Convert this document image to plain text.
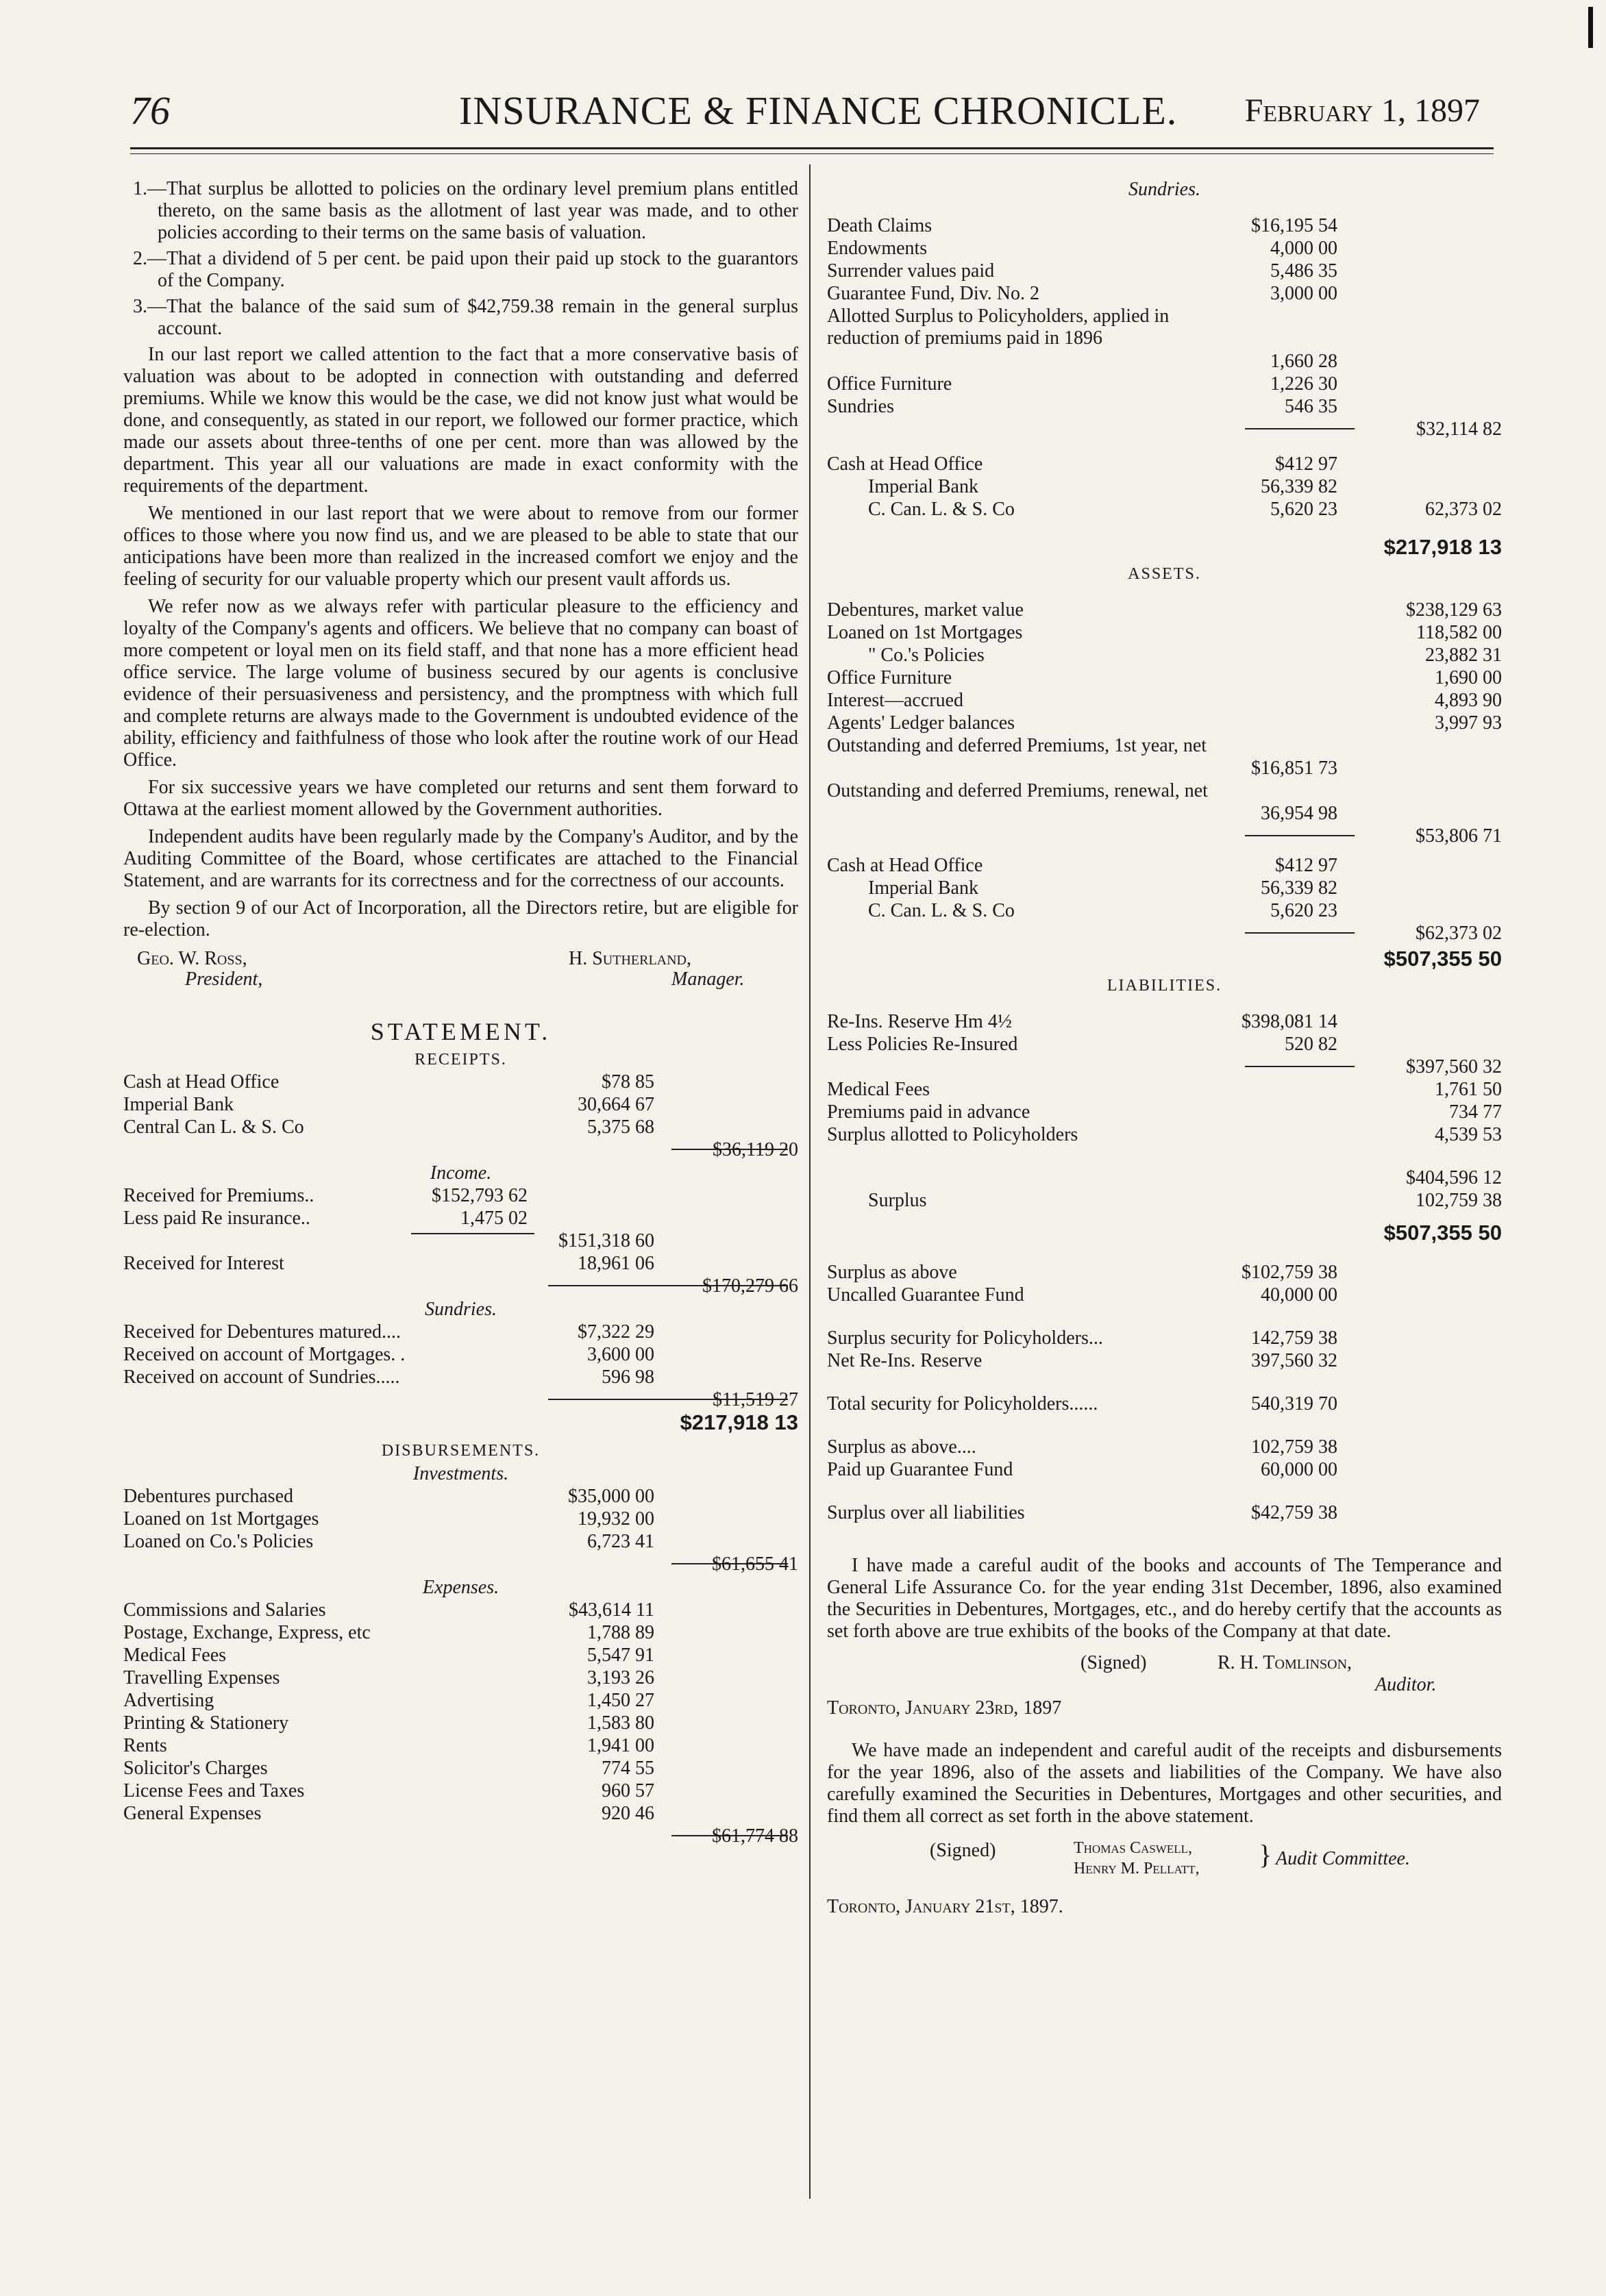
76	INSURANCE & FINANCE CHRONICLE. February 1, 1897
1.—That surplus be allotted to policies on the ordinary level premium plans entitled thereto, on the same basis as the allotment of last year was made, and to other policies according to their terms on the same basis of valuation.
2.—That a dividend of 5 per cent. be paid upon their paid up stock to the guarantors of the Company.
3.—That the balance of the said sum of $42,759.38 remain in the general surplus account.
In our last report we called attention to the fact that a more conservative basis of valuation was about to be adopted in connection with outstanding and deferred premiums. While we know this would be the case, we did not know just what would be done, and consequently, as stated in our report, we followed our former practice, which made our assets about three-tenths of one per cent. more than was allowed by the department. This year all our valuations are made in exact conformity with the requirements of the department.
We mentioned in our last report that we were about to remove from our former offices to those where you now find us, and we are pleased to be able to state that our anticipations have been more than realized in the increased comfort we enjoy and the feeling of security for our valuable property which our present vault affords us.
We refer now as we always refer with particular pleasure to the efficiency and loyalty of the Company's agents and officers. We believe that no company can boast of more competent or loyal men on its field staff, and that none has a more efficient head office service. The large volume of business secured by our agents is conclusive evidence of their persuasiveness and persistency, and the promptness with which full and complete returns are always made to the Government is undoubted evidence of the ability, efficiency and faithfulness of those who look after the routine work of our Head Office.
For six successive years we have completed our returns and sent them forward to Ottawa at the earliest moment allowed by the Government authorities.
Independent audits have been regularly made by the Company's Auditor, and by the Auditing Committee of the Board, whose certificates are attached to the Financial Statement, and are warrants for its correctness and for the correctness of our accounts.
By section 9 of our Act of Incorporation, all the Directors retire, but are eligible for re-election.
Geo. W. Ross,
President,
H. Sutherland,
Manager.
STATEMENT.
RECEIPTS.
Cash at Head Office	$78 85
Imperial Bank	30,664 67
Central Can L. & S. Co	5,375 68
$36,119 20
Income.
Received for Premiums..	$152,793 62
Less paid Re insurance..	1,475 02
$151,318 60
Received for Interest	18,961 06
$170,279 66
Sundries.
Received for Debentures matured....	$7,322 29
Received on account of Mortgages. .	3,600 00
Received on account of Sundries.....	596 98
$11,519 27
$217,918 13
DISBURSEMENTS.
Investments.
Debentures purchased	$35,000 00
Loaned on 1st Mortgages	19,932 00
Loaned on Co.'s Policies	6,723 41
$61,655 41
Expenses.
Commissions and Salaries	$43,614 11
Postage, Exchange, Express, etc	1,788 89
Medical Fees	5,547 91
Travelling Expenses	3,193 26
Advertising	1,450 27
Printing & Stationery	1,583 80
Rents	1,941 00
Solicitor's Charges	774 55
License Fees and Taxes	960 57
General Expenses	920 46
$61,774 88
Sundries.
Death Claims	$16,195 54
Endowments	4,000 00
Surrender values paid	5,486 35
Guarantee Fund, Div. No. 2	3,000 00
Allotted Surplus to Policyholders, applied in reduction of premiums paid in 1896
1,660 28
Office Furniture	1,226 30
Sundries	546 35
$32,114 82
Cash at Head Office	$412 97
Imperial Bank	56,339 82
C. Can. L. & S. Co	5,620 23	62,373 02
$217,918 13
ASSETS.
Debentures, market value	$238,129 63
Loaned on 1st Mortgages	118,582 00
" Co.'s Policies	23,882 31
Office Furniture	1,690 00
Interest—accrued	4,893 90
Agents' Ledger balances	3,997 93
Outstanding and deferred Premiums, 1st year, net
$16,851 73
Outstanding and deferred Premiums, renewal, net
36,954 98
$53,806 71
Cash at Head Office	$412 97
Imperial Bank	56,339 82
C. Can. L. & S. Co	5,620 23
$62,373 02
$507,355 50
LIABILITIES.
Re-Ins. Reserve Hm 4½	$398,081 14
Less Policies Re-Insured	520 82
$397,560 32
Medical Fees	1,761 50
Premiums paid in advance	734 77
Surplus allotted to Policyholders	4,539 53
$404,596 12
Surplus	102,759 38
$507,355 50
Surplus as above	$102,759 38
Uncalled Guarantee Fund	40,000 00
Surplus security for Policyholders...	142,759 38
Net Re-Ins. Reserve	397,560 32
Total security for Policyholders......	540,319 70
Surplus as above....	102,759 38
Paid up Guarantee Fund	60,000 00
Surplus over all liabilities	$42,759 38
I have made a careful audit of the books and accounts of The Temperance and General Life Assurance Co. for the year ending 31st December, 1896, also examined the Securities in Debentures, Mortgages, etc., and do hereby certify that the accounts as set forth above are true exhibits of the books of the Company at that date.
(Signed)	R. H. Tomlinson,
Auditor.
Toronto, January 23rd, 1897
We have made an independent and careful audit of the receipts and disbursements for the year 1896, also of the assets and liabilities of the Company. We have also carefully examined the Securities in Debentures, Mortgages and other securities, and find them all correct as set forth in the above statement.
(Signed)	Thomas Caswell,
Henry M. Pellatt, } Audit Committee.
Toronto, January 21st, 1897.
